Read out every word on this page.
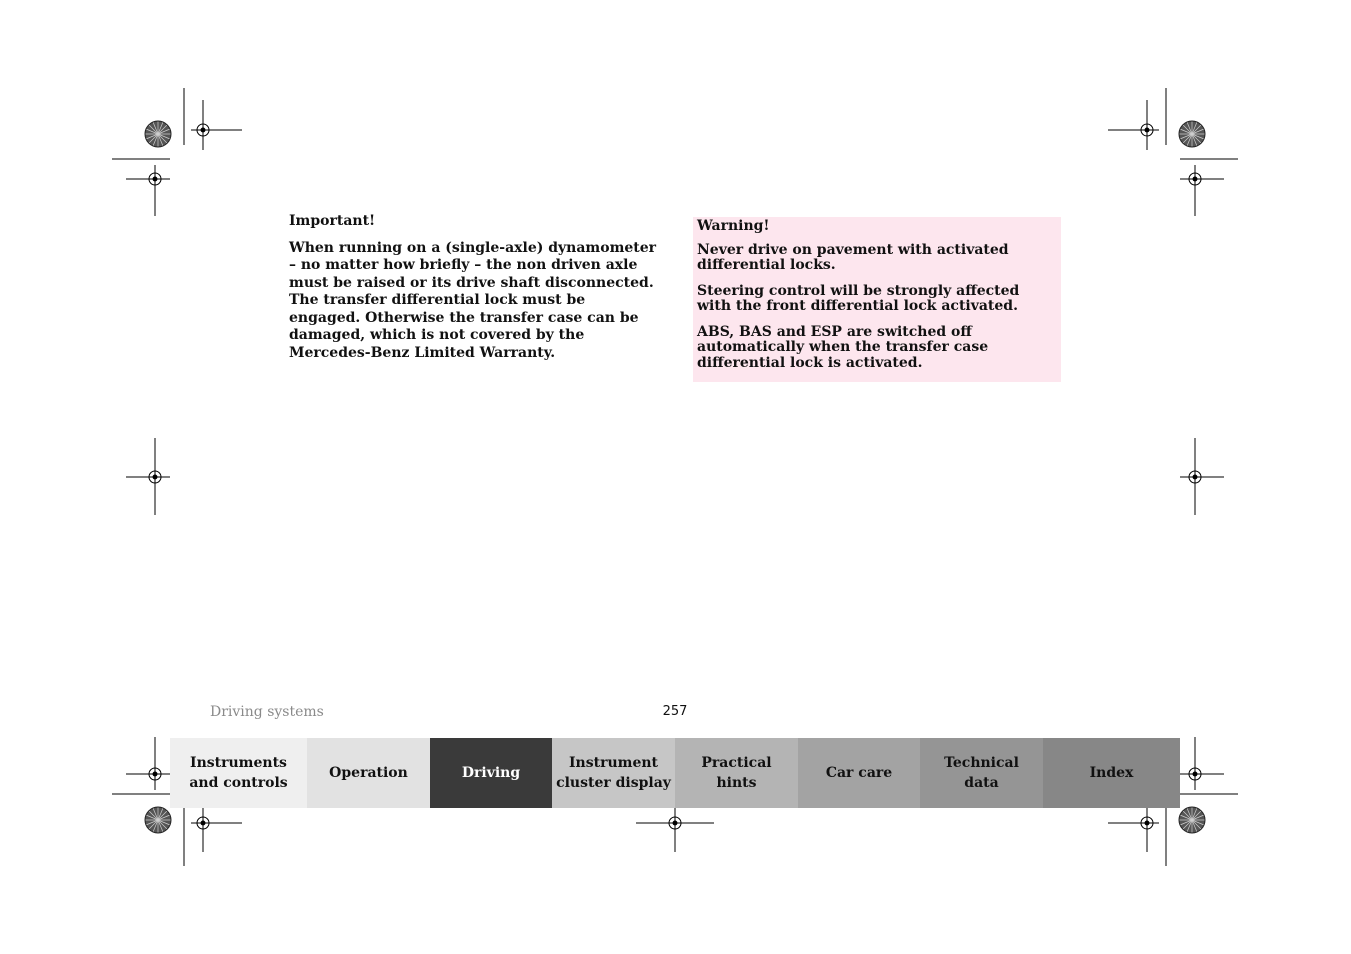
Important!

When running on a (single-axle) dynamometer – no matter how briefly – the non driven axle must be raised or its drive shaft disconnected. The transfer differential lock must be engaged. Otherwise the transfer case can be damaged, which is not covered by the Mercedes-Benz Limited Warranty.

Warning!

Never drive on pavement with activated differential locks.

Steering control will be strongly affected with the front differential lock activated.

ABS, BAS and ESP are switched off automatically when the transfer case differential lock is activated.

Driving systems	257
Instruments
and controls
Operation	Driving
Instrument
cluster display
Practical hints
Car care
Technical
data
Index
